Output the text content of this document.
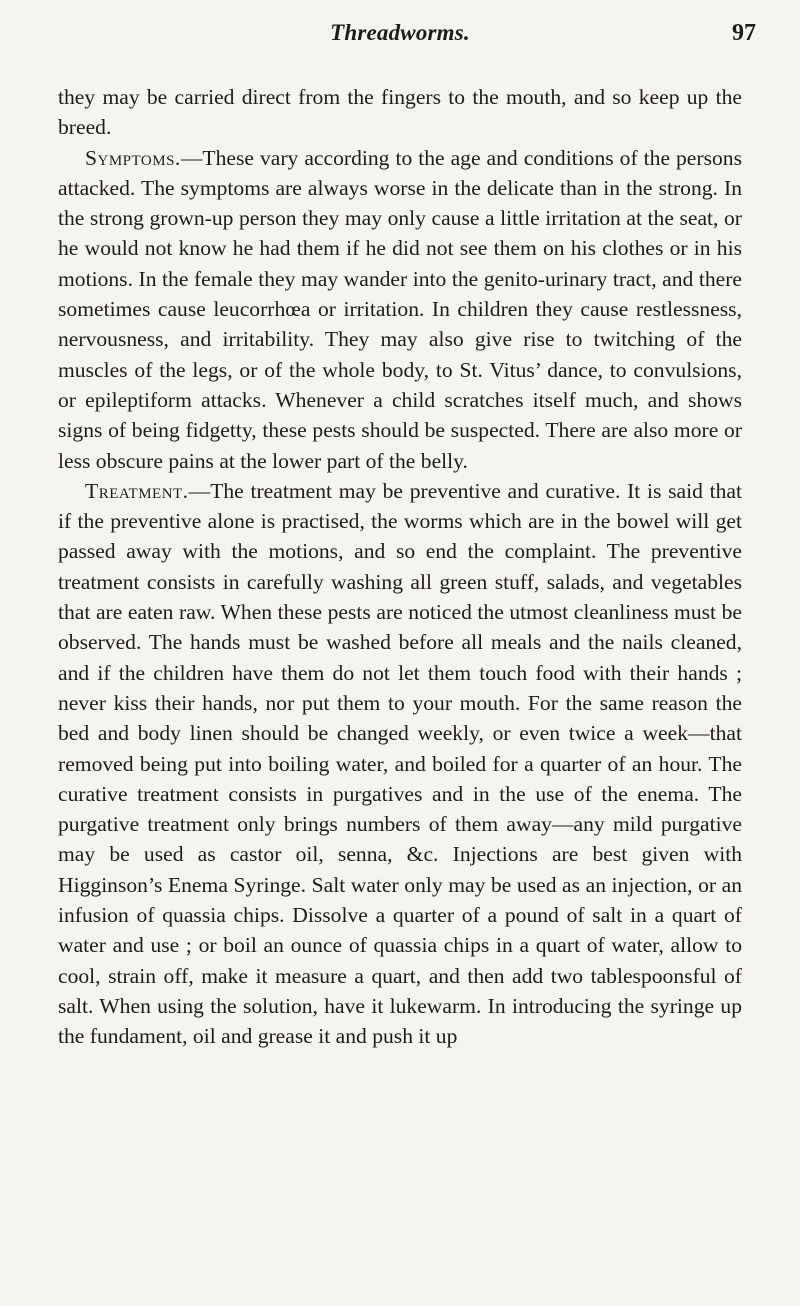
Threadworms.	97

they may be carried direct from the fingers to the mouth, and so keep up the breed.

Symptoms.—These vary according to the age and conditions of the persons attacked. The symptoms are always worse in the delicate than in the strong. In the strong grown-up person they may only cause a little irritation at the seat, or he would not know he had them if he did not see them on his clothes or in his motions. In the female they may wander into the genito-urinary tract, and there sometimes cause leucorrhœa or irritation. In children they cause restlessness, nervousness, and irritability. They may also give rise to twitching of the muscles of the legs, or of the whole body, to St. Vitus’ dance, to convulsions, or epileptiform attacks. Whenever a child scratches itself much, and shows signs of being fidgetty, these pests should be suspected. There are also more or less obscure pains at the lower part of the belly.

Treatment.—The treatment may be preventive and curative. It is said that if the preventive alone is practised, the worms which are in the bowel will get passed away with the motions, and so end the complaint. The preventive treatment consists in carefully washing all green stuff, salads, and vegetables that are eaten raw. When these pests are noticed the utmost cleanliness must be observed. The hands must be washed before all meals and the nails cleaned, and if the children have them do not let them touch food with their hands ; never kiss their hands, nor put them to your mouth. For the same reason the bed and body linen should be changed weekly, or even twice a week—that removed being put into boiling water, and boiled for a quarter of an hour. The curative treatment consists in purgatives and in the use of the enema. The purgative treatment only brings numbers of them away—any mild purgative may be used as castor oil, senna, &c. Injections are best given with Higginson’s Enema Syringe. Salt water only may be used as an injection, or an infusion of quassia chips. Dissolve a quarter of a pound of salt in a quart of water and use ; or boil an ounce of quassia chips in a quart of water, allow to cool, strain off, make it measure a quart, and then add two tablespoonsful of salt. When using the solution, have it lukewarm. In introducing the syringe up the fundament, oil and grease it and push it up
